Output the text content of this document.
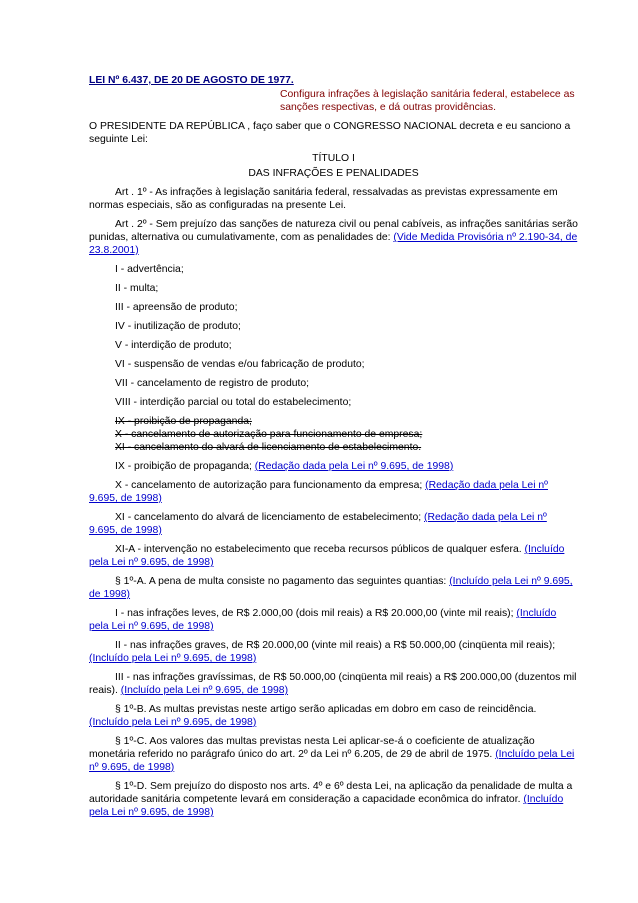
LEI Nº 6.437, DE 20 DE AGOSTO DE 1977.

Configura infrações à legislação sanitária federal, estabelece as sanções respectivas, e dá outras providências.

O PRESIDENTE DA REPÚBLICA , faço saber que o CONGRESSO NACIONAL decreta e eu sanciono a seguinte Lei:

TÍTULO I

DAS INFRAÇÕES E PENALIDADES

Art . 1º - As infrações à legislação sanitária federal, ressalvadas as previstas expressamente em normas especiais, são as configuradas na presente Lei.

Art . 2º - Sem prejuízo das sanções de natureza civil ou penal cabíveis, as infrações sanitárias serão punidas, alternativa ou cumulativamente, com as penalidades de: (Vide Medida Provisória nº 2.190-34, de 23.8.2001)

I - advertência;

II - multa;

III - apreensão de produto;

IV - inutilização de produto;

V - interdição de produto;

VI - suspensão de vendas e/ou fabricação de produto;

VII - cancelamento de registro de produto;

VIII - interdição parcial ou total do estabelecimento;

IX - proibição de propaganda;

X - cancelamento de autorização para funcionamento de empresa;

XI - cancelamento do alvará de licenciamento de estabelecimento.

IX - proibição de propaganda; (Redação dada pela Lei nº 9.695, de 1998)

X - cancelamento de autorização para funcionamento da empresa; (Redação dada pela Lei nº 9.695, de 1998)

XI - cancelamento do alvará de licenciamento de estabelecimento; (Redação dada pela Lei nº 9.695, de 1998)

XI-A - intervenção no estabelecimento que receba recursos públicos de qualquer esfera. (Incluído pela Lei nº 9.695, de 1998)

§ 1º-A. A pena de multa consiste no pagamento das seguintes quantias: (Incluído pela Lei nº 9.695, de 1998)

I - nas infrações leves, de R$ 2.000,00 (dois mil reais) a R$ 20.000,00 (vinte mil reais); (Incluído pela Lei nº 9.695, de 1998)

II - nas infrações graves, de R$ 20.000,00 (vinte mil reais) a R$ 50.000,00 (cinqüenta mil reais); (Incluído pela Lei nº 9.695, de 1998)

III - nas infrações gravíssimas, de R$ 50.000,00 (cinqüenta mil reais) a R$ 200.000,00 (duzentos mil reais). (Incluído pela Lei nº 9.695, de 1998)

§ 1º-B. As multas previstas neste artigo serão aplicadas em dobro em caso de reincidência. (Incluído pela Lei nº 9.695, de 1998)

§ 1º-C. Aos valores das multas previstas nesta Lei aplicar-se-á o coeficiente de atualização monetária referido no parágrafo único do art. 2º da Lei nº 6.205, de 29 de abril de 1975. (Incluído pela Lei nº 9.695, de 1998)

§ 1º-D. Sem prejuízo do disposto nos arts. 4º e 6º desta Lei, na aplicação da penalidade de multa a autoridade sanitária competente levará em consideração a capacidade econômica do infrator. (Incluído pela Lei nº 9.695, de 1998)
